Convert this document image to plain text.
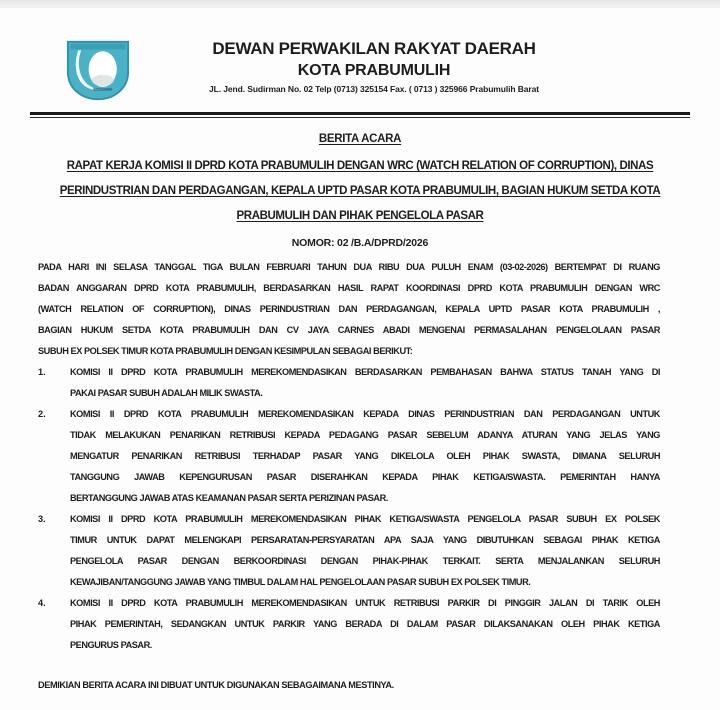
DEWAN PERWAKILAN RAKYAT DAERAH
KOTA PRABUMULIH
JL. Jend. Sudirman No. 02 Telp (0713) 325154 Fax. ( 0713 ) 325966 Prabumulih Barat
BERITA ACARA
RAPAT KERJA KOMISI II DPRD KOTA PRABUMULIH DENGAN WRC (WATCH RELATION OF CORRUPTION), DINAS
PERINDUSTRIAN DAN PERDAGANGAN, KEPALA UPTD PASAR KOTA PRABUMULIH, BAGIAN HUKUM SETDA KOTA
PRABUMULIH DAN PIHAK PENGELOLA PASAR
NOMOR: 02 /B.A/DPRD/2026
PADA HARI INI SELASA TANGGAL TIGA BULAN FEBRUARI TAHUN DUA RIBU DUA PULUH ENAM (03-02-2026) BERTEMPAT DI RUANG
BADAN ANGGARAN DPRD KOTA PRABUMULIH, BERDASARKAN HASIL RAPAT KOORDINASI DPRD KOTA PRABUMULIH DENGAN WRC
(WATCH RELATION OF CORRUPTION), DINAS PERINDUSTRIAN DAN PERDAGANGAN, KEPALA UPTD PASAR KOTA PRABUMULIH ,
BAGIAN HUKUM SETDA KOTA PRABUMULIH DAN CV JAYA CARNES ABADI MENGENAI PERMASALAHAN PENGELOLAAN PASAR
SUBUH EX POLSEK TIMUR KOTA PRABUMULIH DENGAN KESIMPULAN SEBAGAI BERIKUT:
1.	KOMISI II DPRD KOTA PRABUMULIH MEREKOMENDASIKAN BERDASARKAN PEMBAHASAN BAHWA STATUS TANAH YANG DI
PAKAI PASAR SUBUH ADALAH MILIK SWASTA.
2.	KOMISI II DPRD KOTA PRABUMULIH MEREKOMENDASIKAN KEPADA DINAS PERINDUSTRIAN DAN PERDAGANGAN UNTUK
TIDAK MELAKUKAN PENARIKAN RETRIBUSI KEPADA PEDAGANG PASAR SEBELUM ADANYA ATURAN YANG JELAS YANG
MENGATUR PENARIKAN RETRIBUSI TERHADAP PASAR YANG DIKELOLA OLEH PIHAK SWASTA, DIMANA SELURUH
TANGGUNG JAWAB KEPENGURUSAN PASAR DISERAHKAN KEPADA PIHAK KETIGA/SWASTA. PEMERINTAH HANYA
BERTANGGUNG JAWAB ATAS KEAMANAN PASAR SERTA PERIZINAN PASAR.
3.	KOMISI II DPRD KOTA PRABUMULIH MEREKOMENDASIKAN PIHAK KETIGA/SWASTA PENGELOLA PASAR SUBUH EX POLSEK
TIMUR UNTUK DAPAT MELENGKAPI PERSARATAN-PERSYARATAN APA SAJA YANG DIBUTUHKAN SEBAGAI PIHAK KETIGA
PENGELOLA PASAR DENGAN BERKOORDINASI DENGAN PIHAK-PIHAK TERKAIT. SERTA MENJALANKAN SELURUH
KEWAJIBAN/TANGGUNG JAWAB YANG TIMBUL DALAM HAL PENGELOLAAN PASAR SUBUH EX POLSEK TIMUR.
4.	KOMISI II DPRD KOTA PRABUMULIH MEREKOMENDASIKAN UNTUK RETRIBUSI PARKIR DI PINGGIR JALAN DI TARIK OLEH
PIHAK PEMERINTAH, SEDANGKAN UNTUK PARKIR YANG BERADA DI DALAM PASAR DILAKSANAKAN OLEH PIHAK KETIGA
PENGURUS PASAR.
DEMIKIAN BERITA ACARA INI DIBUAT UNTUK DIGUNAKAN SEBAGAIMANA MESTINYA.
